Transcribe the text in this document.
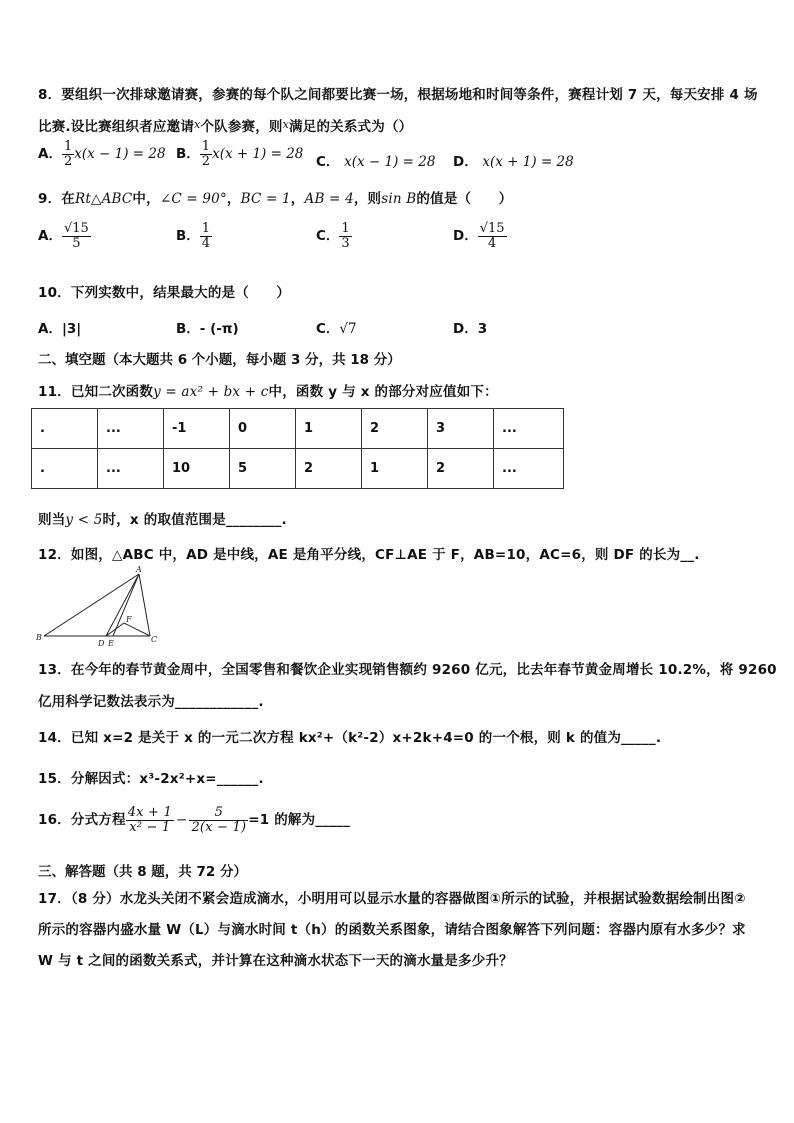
8．要组织一次排球邀请赛，参赛的每个队之间都要比赛一场，根据场地和时间等条件，赛程计划 7 天，每天安排 4 场
比赛.设比赛组织者应邀请$^x$个队参赛，则$^x$满足的关系式为（）
A． $\frac{1}{2} x(x - 1) = 28$ B． $\frac{1}{2} x(x + 1) = 28$ C． x(x − 1) = 28 D． x(x + 1) = 28
9．在Rt△ABC中，∠C = 90°，BC = 1，AB = 4，则sin B的值是（　　）
A． $\frac{√15}{5}$	B． $\frac{1}{4}$	C． $\frac{1}{3}$	D． $\frac{√15}{4}$
10．下列实数中，结果最大的是（　　）
A．|3|	B．- (-π)	C．√7	D．3
二、填空题（本大题共 6 个小题，每小题 3 分，共 18 分）
11．已知二次函数y = ax² + bx + c中，函数 y 与 x 的部分对应值如下：
.	...	-1	0	1	2	3	...
.	...	10	5	2	1	2	...
则当y < 5时，x 的取值范围是________.
12．如图，△ABC 中，AD 是中线，AE 是角平分线，CF⊥AE 于 F，AB=10，AC=6，则 DF 的长为__.
A
B
D E
F
C
13．在今年的春节黄金周中，全国零售和餐饮企业实现销售额约 9260 亿元，比去年春节黄金周增长 10.2%，将 9260
亿用科学记数法表示为____________.
14．已知 x=2 是关于 x 的一元二次方程 kx²+（k²-2）x+2k+4=0 的一个根，则 k 的值为_____.
15．分解因式：x³-2x²+x=______.
16．分式方程 $\frac{4x + 1}{\text{x² − 1}} - \frac{5}{2(x - 1)} =1$ 的解为_____
三、解答题（共 8 题，共 72 分）
17．（8 分）水龙头关闭不紧会造成滴水，小明用可以显示水量的容器做图①所示的试验，并根据试验数据绘制出图②
所示的容器内盛水量 W（L）与滴水时间 t（h）的函数关系图象，请结合图象解答下列问题：容器内原有水多少？求
W 与 t 之间的函数关系式，并计算在这种滴水状态下一天的滴水量是多少升？
